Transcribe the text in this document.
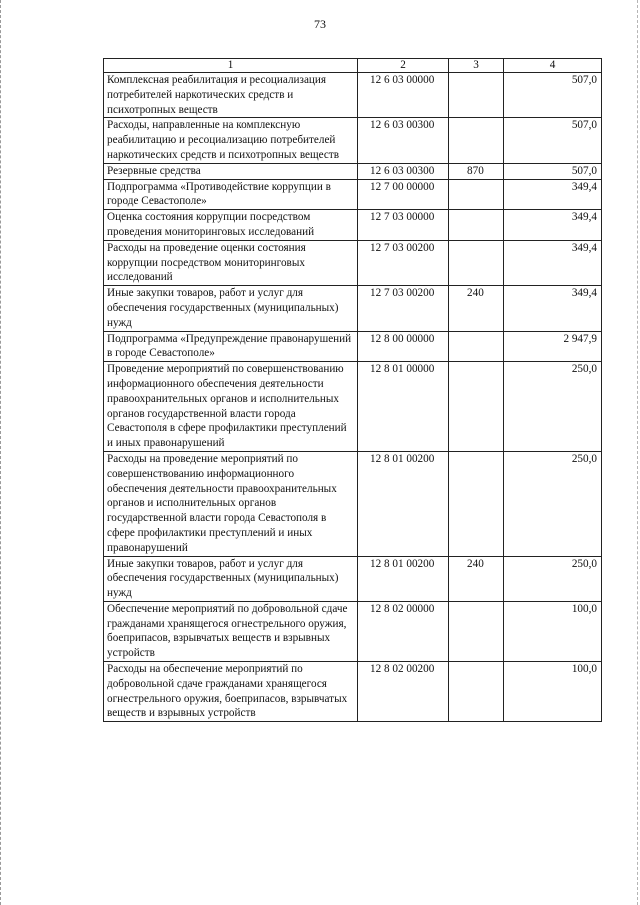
73
1	2	3	4
Комплексная реабилитация и ресоциализация потребителей наркотических средств и психотропных веществ	12 6 03 00000		507,0
Расходы, направленные на комплексную реабилитацию и ресоциализацию потребителей наркотических средств и психотропных веществ	12 6 03 00300		507,0
Резервные средства	12 6 03 00300	870	507,0
Подпрограмма «Противодействие коррупции в городе Севастополе»	12 7 00 00000		349,4
Оценка состояния коррупции посредством проведения мониторинговых исследований	12 7 03 00000		349,4
Расходы на проведение оценки состояния коррупции посредством мониторинговых исследований	12 7 03 00200		349,4
Иные закупки товаров, работ и услуг для обеспечения государственных (муниципальных) нужд	12 7 03 00200	240	349,4
Подпрограмма «Предупреждение правонарушений в городе Севастополе»	12 8 00 00000		2 947,9
Проведение мероприятий по совершенствованию информационного обеспечения деятельности правоохранительных органов и исполнительных органов государственной власти города Севастополя в сфере профилактики преступлений и иных правонарушений	12 8 01 00000		250,0
Расходы на проведение мероприятий по совершенствованию информационного обеспечения деятельности правоохранительных органов и исполнительных органов государственной власти города Севастополя в сфере профилактики преступлений и иных правонарушений	12 8 01 00200		250,0
Иные закупки товаров, работ и услуг для обеспечения государственных (муниципальных) нужд	12 8 01 00200	240	250,0
Обеспечение мероприятий по добровольной сдаче гражданами хранящегося огнестрельного оружия, боеприпасов, взрывчатых веществ и взрывных устройств	12 8 02 00000		100,0
Расходы на обеспечение мероприятий по добровольной сдаче гражданами хранящегося огнестрельного оружия, боеприпасов, взрывчатых веществ и взрывных устройств	12 8 02 00200		100,0
